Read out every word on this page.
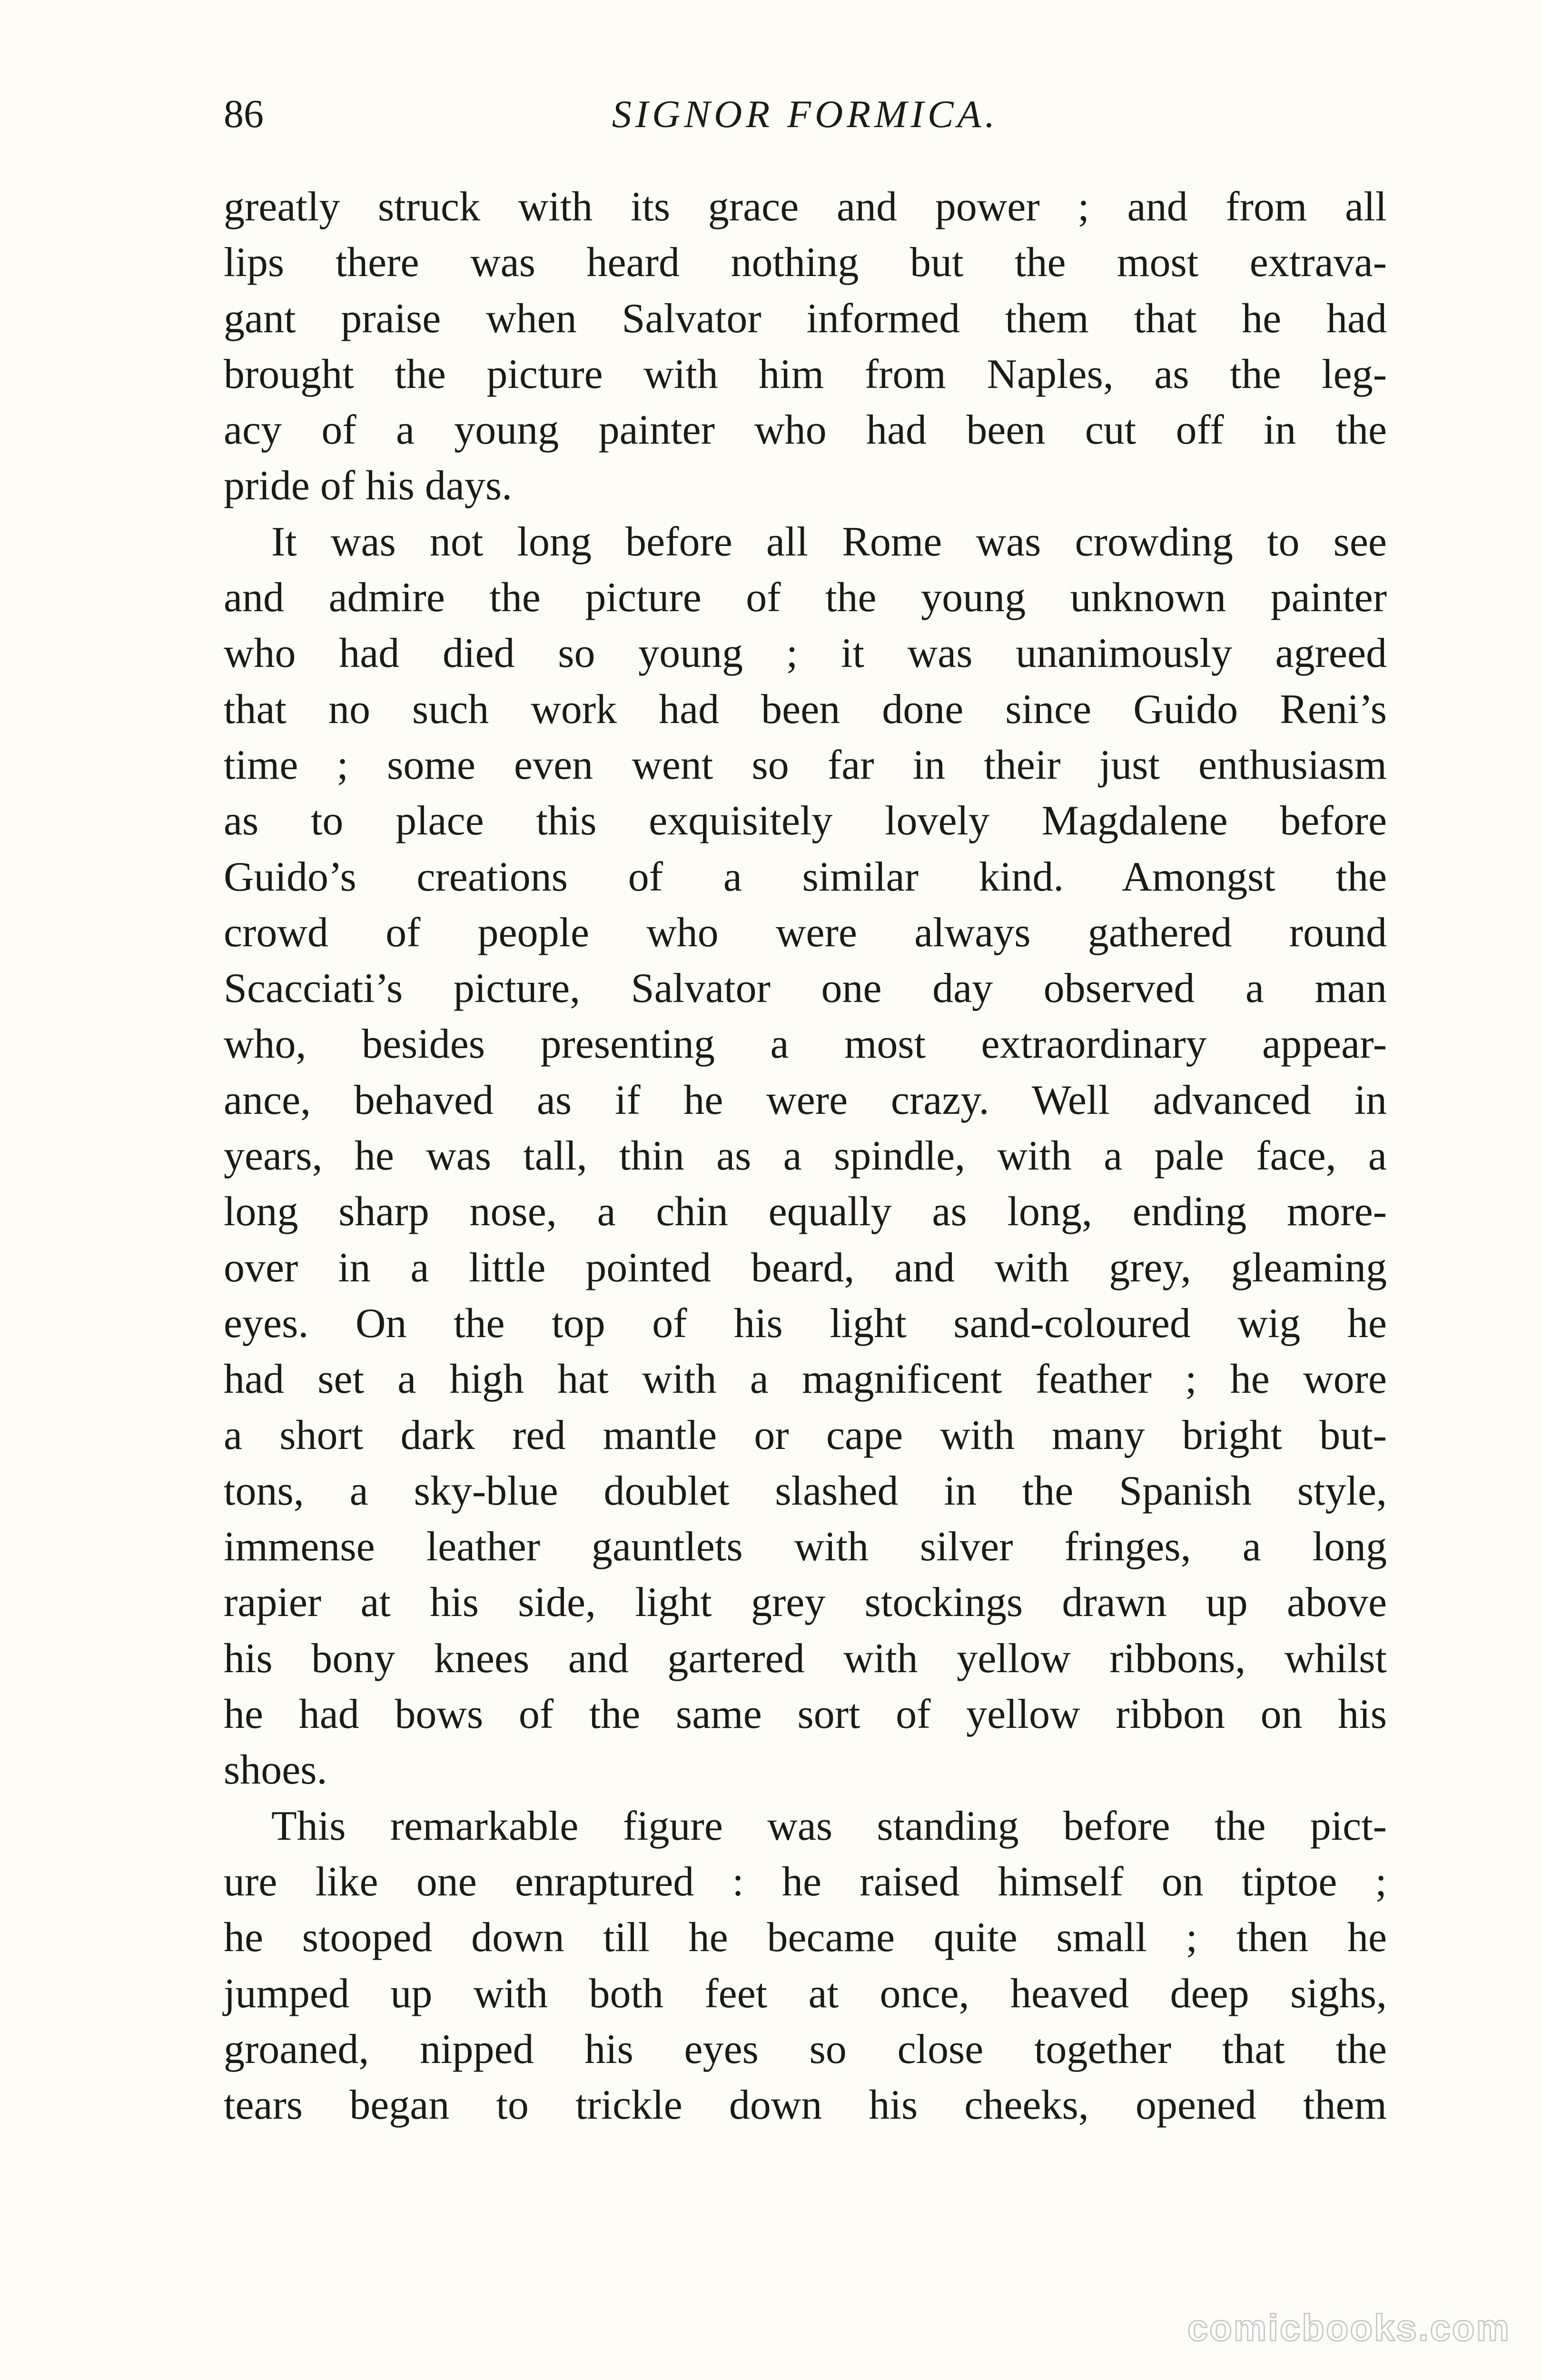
86	SIGNOR FORMICA.
greatly struck with its grace and power ; and from all
lips there was heard nothing but the most extrava-
gant praise when Salvator informed them that he had
brought the picture with him from Naples, as the leg-
acy of a young painter who had been cut off in the
pride of his days.
It was not long before all Rome was crowding to see
and admire the picture of the young unknown painter
who had died so young ; it was unanimously agreed
that no such work had been done since Guido Reni’s
time ; some even went so far in their just enthusiasm
as to place this exquisitely lovely Magdalene before
Guido’s creations of a similar kind. Amongst the
crowd of people who were always gathered round
Scacciati’s picture, Salvator one day observed a man
who, besides presenting a most extraordinary appear-
ance, behaved as if he were crazy. Well advanced in
years, he was tall, thin as a spindle, with a pale face, a
long sharp nose, a chin equally as long, ending more-
over in a little pointed beard, and with grey, gleaming
eyes. On the top of his light sand-coloured wig he
had set a high hat with a magnificent feather ; he wore
a short dark red mantle or cape with many bright but-
tons, a sky-blue doublet slashed in the Spanish style,
immense leather gauntlets with silver fringes, a long
rapier at his side, light grey stockings drawn up above
his bony knees and gartered with yellow ribbons, whilst
he had bows of the same sort of yellow ribbon on his
shoes.
This remarkable figure was standing before the pict-
ure like one enraptured : he raised himself on tiptoe ;
he stooped down till he became quite small ; then he
jumped up with both feet at once, heaved deep sighs,
groaned, nipped his eyes so close together that the
tears began to trickle down his cheeks, opened them
comicbooks.com
